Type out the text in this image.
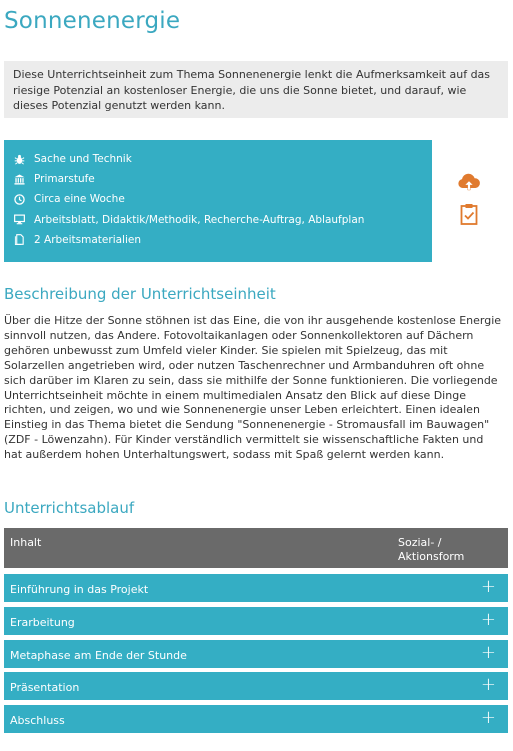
Sonnenenergie
Diese Unterrichtseinheit zum Thema Sonnenenergie lenkt die Aufmerksamkeit auf das riesige Potenzial an kostenloser Energie, die uns die Sonne bietet, und darauf, wie dieses Potenzial genutzt werden kann.
Sache und Technik
Primarstufe
Circa eine Woche
Arbeitsblatt, Didaktik/Methodik, Recherche-Auftrag, Ablaufplan
2 Arbeitsmaterialien
Beschreibung der Unterrichtseinheit

Über die Hitze der Sonne stöhnen ist das Eine, die von ihr ausgehende kostenlose Energie sinnvoll nutzen, das Andere. Fotovoltaikanlagen oder Sonnenkollektoren auf Dächern gehören unbewusst zum Umfeld vieler Kinder. Sie spielen mit Spielzeug, das mit Solarzellen angetrieben wird, oder nutzen Taschenrechner und Armbanduhren oft ohne sich darüber im Klaren zu sein, dass sie mithilfe der Sonne funktionieren. Die vorliegende Unterrichtseinheit möchte in einem multimedialen Ansatz den Blick auf diese Dinge richten, und zeigen, wo und wie Sonnenenergie unser Leben erleichtert. Einen idealen Einstieg in das Thema bietet die Sendung "Sonnenenergie - Stromausfall im Bauwagen" (ZDF - Löwenzahn). Für Kinder verständlich vermittelt sie wissenschaftliche Fakten und hat außerdem hohen Unterhaltungswert, sodass mit Spaß gelernt werden kann.

Unterrichtsablauf
Inhalt	Sozial- / Aktionsform
Einführung in das Projekt	+
Erarbeitung	+
Metaphase am Ende der Stunde	+
Präsentation	+
Abschluss	+
